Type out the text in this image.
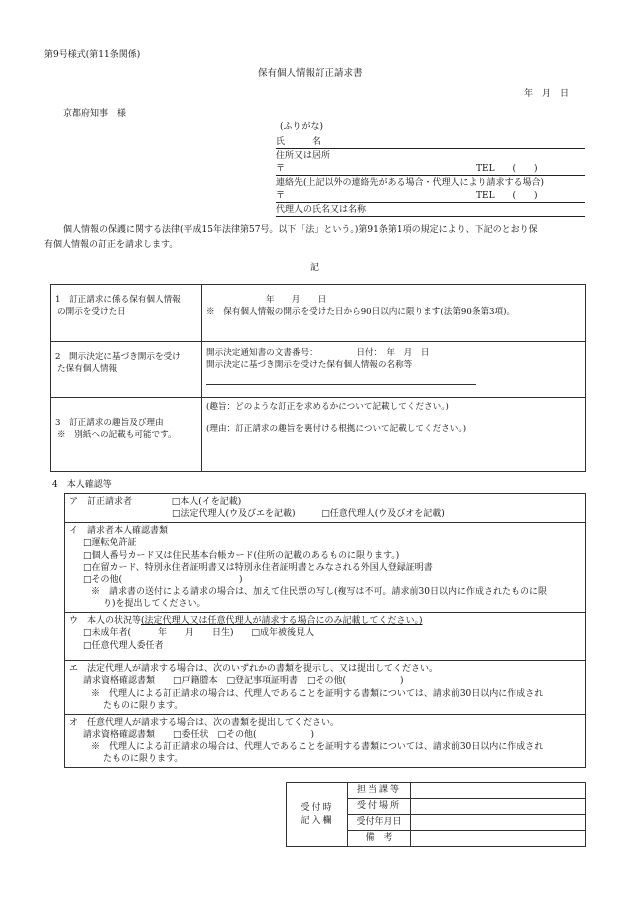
第9号様式(第11条関係)
保有個人情報訂正請求書
年　月　日
京都府知事　様
(ふりがな)
氏　　　名
住所又は居所
〒	TEL　　(　　)
連絡先(上記以外の連絡先がある場合・代理人により請求する場合)
〒	TEL　　(　　)
代理人の氏名又は名称
個人情報の保護に関する法律(平成15年法律第57号。以下「法」という。)第91条第1項の規定により、下記のとおり保
有個人情報の訂正を請求します。
記
1　訂正請求に係る保有個人情報
の開示を受けた日	年　　月　　日
※　保有個人情報の開示を受けた日から90日以内に限ります(法第90条第3項)。

2　開示決定に基づき開示を受け
た保有個人情報	開示決定通知書の文書番号：　　　　　日付：　年　月　日
開示決定に基づき開示を受けた保有個人情報の名称等

3　訂正請求の趣旨及び理由
※　別紙への記載も可能です。	(趣旨：どのような訂正を求めるかについて記載してください。)
(理由：訂正請求の趣旨を裏付ける根拠について記載してください。)
4　本人確認等
ア　訂正請求者	□本人(イを記載)
□法定代理人(ウ及びエを記載)	□任意代理人(ウ及びオを記載)

イ　請求者本人確認書類
□運転免許証
□個人番号カード又は住民基本台帳カード(住所の記載のあるものに限ります。)
□在留カード、特別永住者証明書又は特別永住者証明書とみなされる外国人登録証明書
□その他(　　　　　　　　　　　　　)
※　請求書の送付による請求の場合は、加えて住民票の写し(複写は不可。請求前30日以内に作成されたものに限
り)を提出してください。

ウ　本人の状況等(法定代理人又は任意代理人が請求する場合にのみ記載してください。)
□未成年者(　　　年　　月　　日生)　　□成年被後見人
□任意代理人委任者

エ　法定代理人が請求する場合は、次のいずれかの書類を提示し、又は提出してください。
請求資格確認書類　　□戸籍謄本　□登記事項証明書　□その他(　　　　　　)
※　代理人による訂正請求の場合は、代理人であることを証明する書類については、請求前30日以内に作成され
たものに限ります。

オ　任意代理人が請求する場合は、次の書類を提出してください。
請求資格確認書類　　□委任状　□その他(　　　　　　)
※　代理人による訂正請求の場合は、代理人であることを証明する書類については、請求前30日以内に作成され
たものに限ります。
受付時
記入欄	担当課等	
	受付場所	
	受付年月日	
	備　考	
